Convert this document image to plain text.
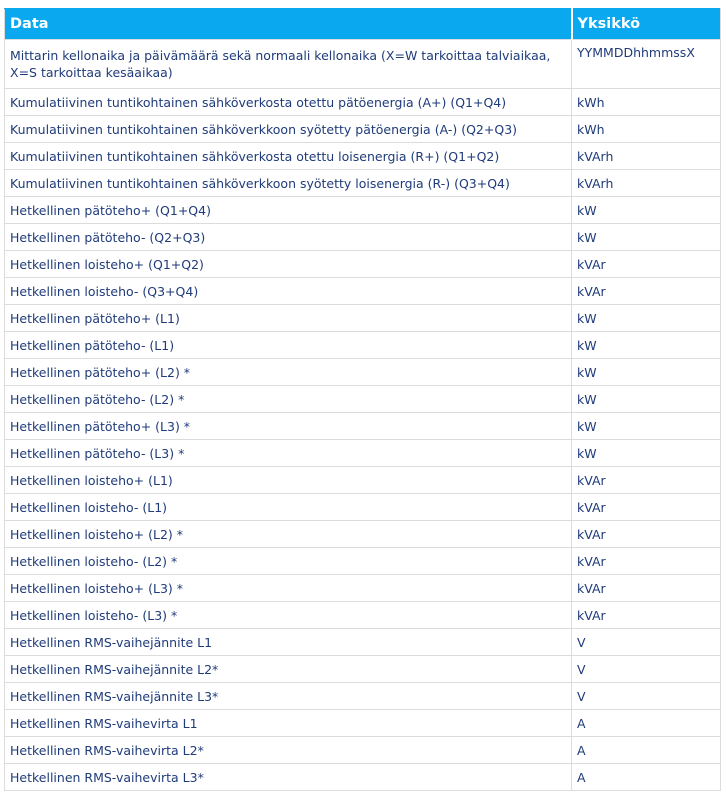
Data	Yksikkö
Mittarin kellonaika ja päivämäärä sekä normaali kellonaika (X=W tarkoittaa talviaikaa, X=S tarkoittaa kesäaikaa)	YYMMDDhhmmssX
Kumulatiivinen tuntikohtainen sähköverkosta otettu pätöenergia (A+) (Q1+Q4)	kWh
Kumulatiivinen tuntikohtainen sähköverkkoon syötetty pätöenergia (A-) (Q2+Q3)	kWh
Kumulatiivinen tuntikohtainen sähköverkosta otettu loisenergia (R+) (Q1+Q2)	kVArh
Kumulatiivinen tuntikohtainen sähköverkkoon syötetty loisenergia (R-) (Q3+Q4)	kVArh
Hetkellinen pätöteho+ (Q1+Q4)	kW
Hetkellinen pätöteho- (Q2+Q3)	kW
Hetkellinen loisteho+ (Q1+Q2)	kVAr
Hetkellinen loisteho- (Q3+Q4)	kVAr
Hetkellinen pätöteho+ (L1)	kW
Hetkellinen pätöteho- (L1)	kW
Hetkellinen pätöteho+ (L2) *	kW
Hetkellinen pätöteho- (L2) *	kW
Hetkellinen pätöteho+ (L3) *	kW
Hetkellinen pätöteho- (L3) *	kW
Hetkellinen loisteho+ (L1)	kVAr
Hetkellinen loisteho- (L1)	kVAr
Hetkellinen loisteho+ (L2) *	kVAr
Hetkellinen loisteho- (L2) *	kVAr
Hetkellinen loisteho+ (L3) *	kVAr
Hetkellinen loisteho- (L3) *	kVAr
Hetkellinen RMS-vaihejännite L1	V
Hetkellinen RMS-vaihejännite L2*	V
Hetkellinen RMS-vaihejännite L3*	V
Hetkellinen RMS-vaihevirta L1	A
Hetkellinen RMS-vaihevirta L2*	A
Hetkellinen RMS-vaihevirta L3*	A
